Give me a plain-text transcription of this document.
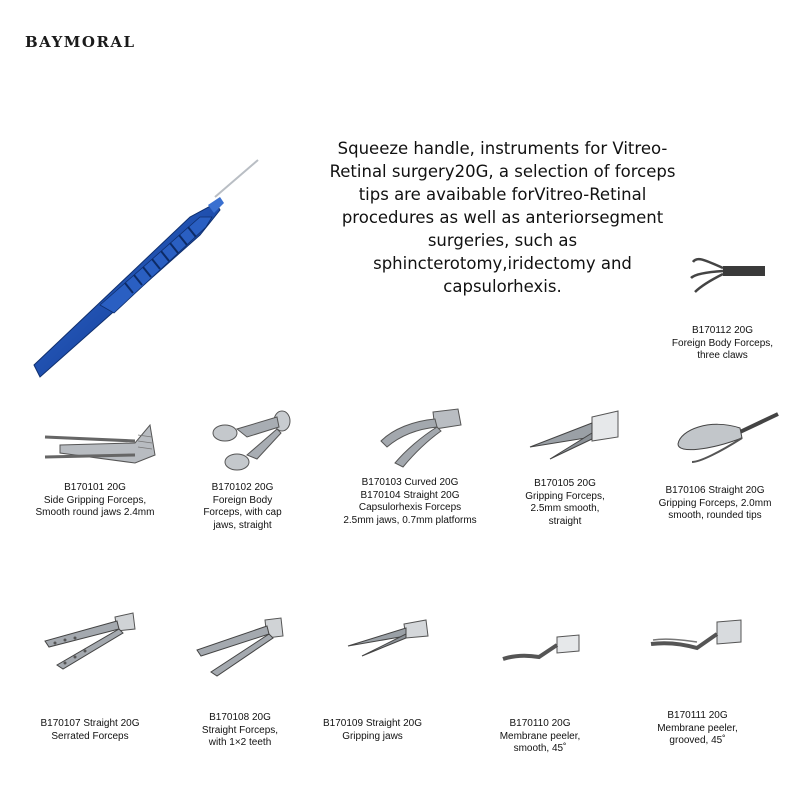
BAYMORAL
Squeeze handle, instruments for Vitreo-
Retinal surgery20G, a selection of forceps
tips are avaibable forVitreo-Retinal
procedures as well as anteriorsegment
surgeries, such as
sphincterotomy,iridectomy and
capsulorhexis.
B170112 20G
Foreign Body Forceps,
three claws
B170101 20G
Side Gripping Forceps,
Smooth round jaws 2.4mm
B170102 20G
Foreign Body
Forceps, with cap
jaws, straight
B170103 Curved 20G
B170104 Straight 20G
Capsulorhexis Forceps
2.5mm jaws, 0.7mm platforms
B170105 20G
Gripping Forceps,
2.5mm smooth,
straight
B170106 Straight 20G
Gripping Forceps, 2.0mm
smooth, rounded tips
B170107 Straight 20G
Serrated Forceps
B170108 20G
Straight Forceps,
with 1×2 teeth
B170109 Straight 20G
Gripping jaws
B170110 20G
Membrane peeler,
smooth, 45˚
B170111 20G
Membrane peeler,
grooved, 45˚
